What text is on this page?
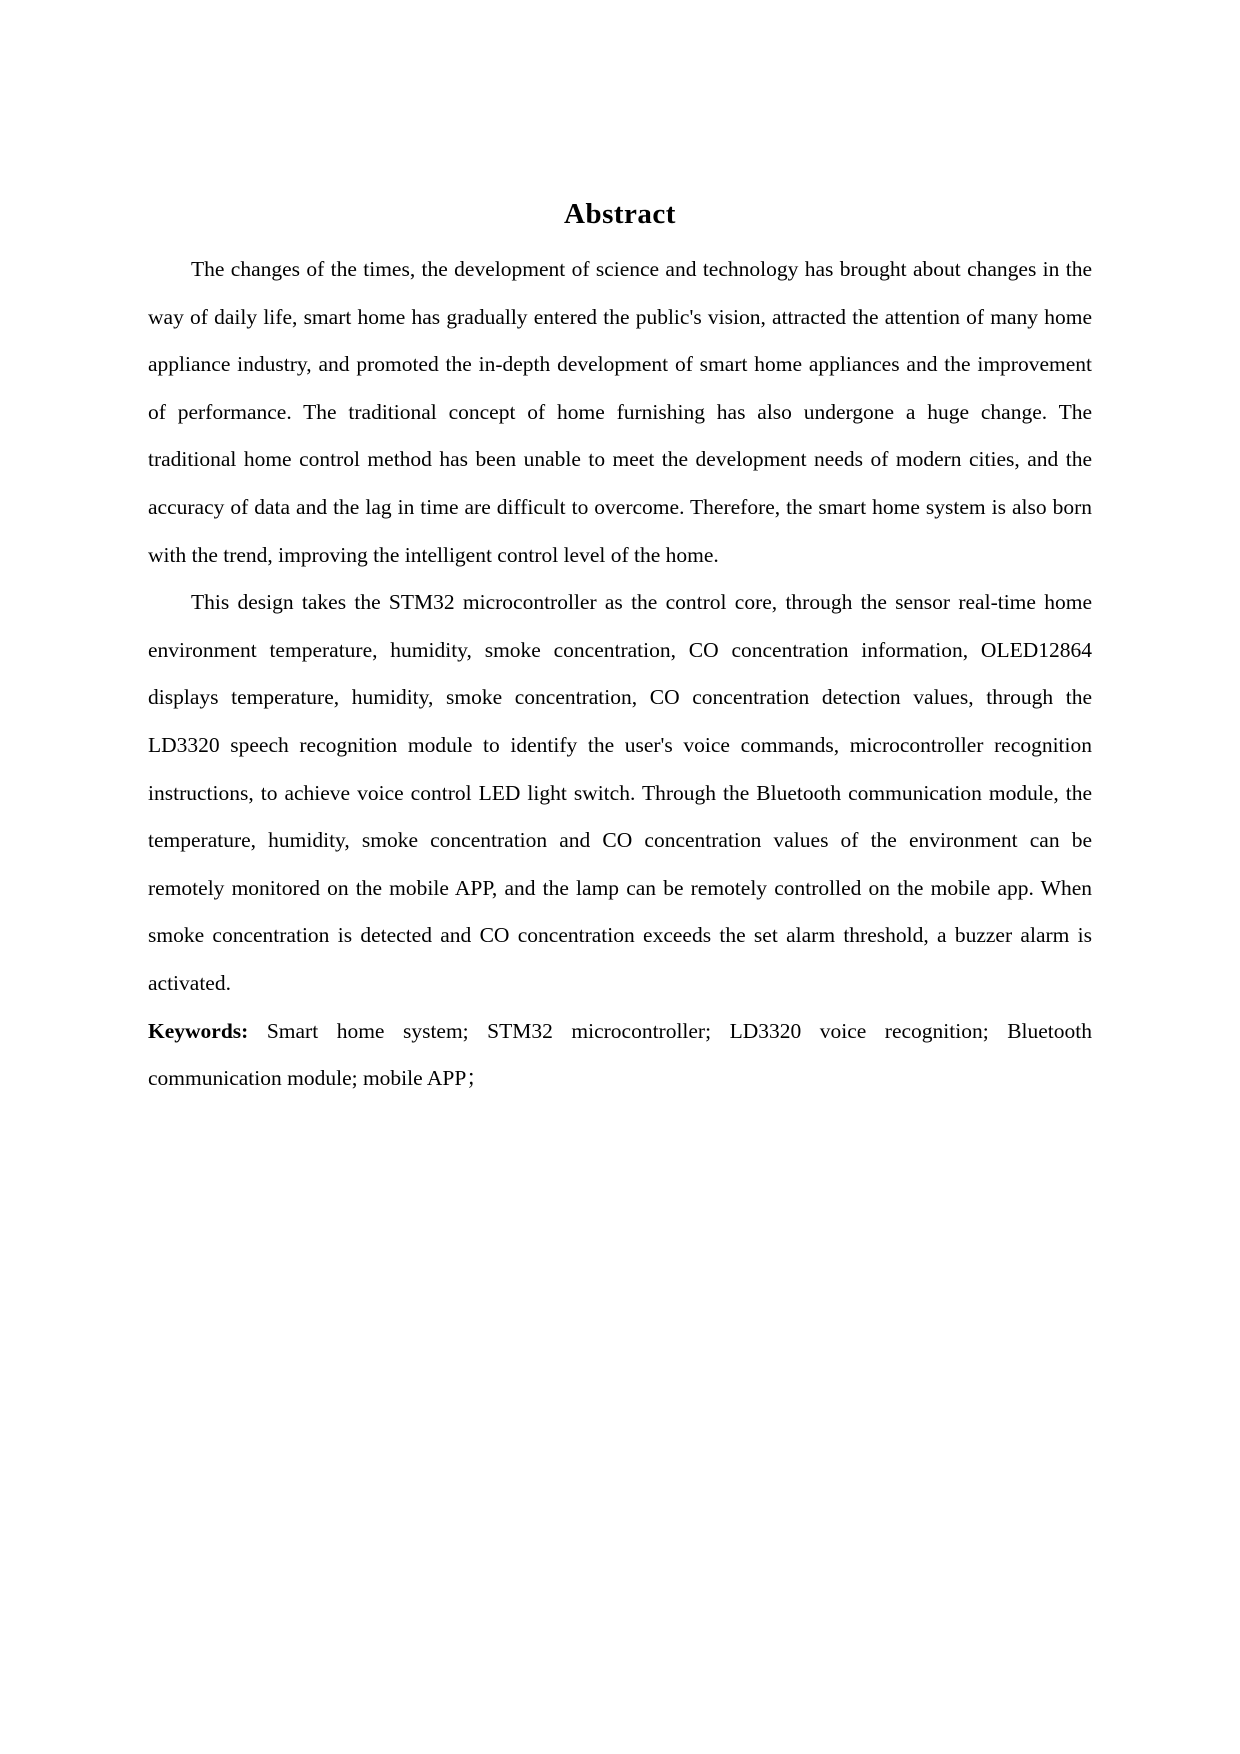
Abstract

The changes of the times, the development of science and technology has brought about changes in the way of daily life, smart home has gradually entered the public's vision, attracted the attention of many home appliance industry, and promoted the in-depth development of smart home appliances and the improvement of performance. The traditional concept of home furnishing has also undergone a huge change. The traditional home control method has been unable to meet the development needs of modern cities, and the accuracy of data and the lag in time are difficult to overcome. Therefore, the smart home system is also born with the trend, improving the intelligent control level of the home.

This design takes the STM32 microcontroller as the control core, through the sensor real-time home environment temperature, humidity, smoke concentration, CO concentration information, OLED12864 displays temperature, humidity, smoke concentration, CO concentration detection values, through the LD3320 speech recognition module to identify the user's voice commands, microcontroller recognition instructions, to achieve voice control LED light switch. Through the Bluetooth communication module, the temperature, humidity, smoke concentration and CO concentration values of the environment can be remotely monitored on the mobile APP, and the lamp can be remotely controlled on the mobile app. When smoke concentration is detected and CO concentration exceeds the set alarm threshold, a buzzer alarm is activated.

Keywords: Smart home system; STM32 microcontroller; LD3320 voice recognition; Bluetooth communication module; mobile APP；
